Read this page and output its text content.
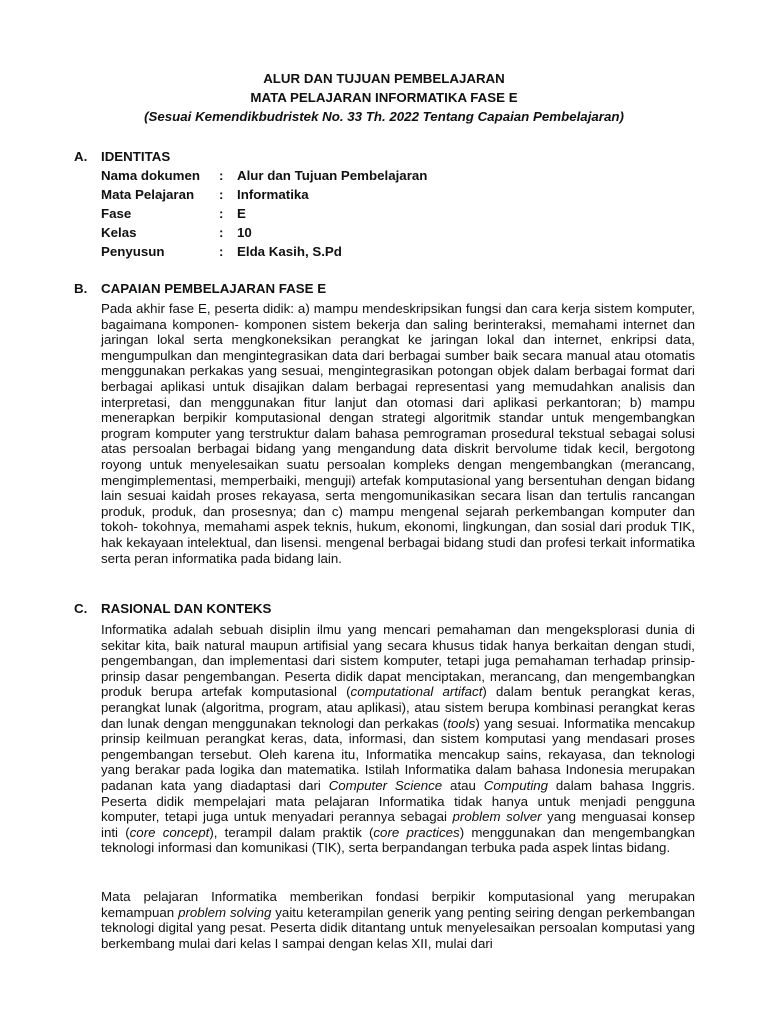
ALUR DAN TUJUAN PEMBELAJARAN
MATA PELAJARAN INFORMATIKA FASE E
(Sesuai Kemendikbudristek No. 33 Th. 2022 Tentang Capaian Pembelajaran)
A. IDENTITAS
Nama dokumen	:	Alur dan Tujuan Pembelajaran
Mata Pelajaran	:	Informatika
Fase	:	E
Kelas	:	10
Penyusun	:	Elda Kasih, S.Pd
B. CAPAIAN PEMBELAJARAN FASE E
Pada akhir fase E, peserta didik: a) mampu mendeskripsikan fungsi dan cara kerja sistem komputer, bagaimana komponen- komponen sistem bekerja dan saling berinteraksi, memahami internet dan jaringan lokal serta mengkoneksikan perangkat ke jaringan lokal dan internet, enkripsi data, mengumpulkan dan mengintegrasikan data dari berbagai sumber baik secara manual atau otomatis menggunakan perkakas yang sesuai, mengintegrasikan potongan objek dalam berbagai format dari berbagai aplikasi untuk disajikan dalam berbagai representasi yang memudahkan analisis dan interpretasi, dan menggunakan fitur lanjut dan otomasi dari aplikasi perkantoran; b) mampu menerapkan berpikir komputasional dengan strategi algoritmik standar untuk mengembangkan program komputer yang terstruktur dalam bahasa pemrograman prosedural tekstual sebagai solusi atas persoalan berbagai bidang yang mengandung data diskrit bervolume tidak kecil, bergotong royong untuk menyelesaikan suatu persoalan kompleks dengan mengembangkan (merancang, mengimplementasi, memperbaiki, menguji) artefak komputasional yang bersentuhan dengan bidang lain sesuai kaidah proses rekayasa, serta mengomunikasikan secara lisan dan tertulis rancangan produk, produk, dan prosesnya; dan c) mampu mengenal sejarah perkembangan komputer dan tokoh- tokohnya, memahami aspek teknis, hukum, ekonomi, lingkungan, dan sosial dari produk TIK, hak kekayaan intelektual, dan lisensi. mengenal berbagai bidang studi dan profesi terkait informatika serta peran informatika pada bidang lain.
C. RASIONAL DAN KONTEKS
Informatika adalah sebuah disiplin ilmu yang mencari pemahaman dan mengeksplorasi dunia di sekitar kita, baik natural maupun artifisial yang secara khusus tidak hanya berkaitan dengan studi, pengembangan, dan implementasi dari sistem komputer, tetapi juga pemahaman terhadap prinsip-prinsip dasar pengembangan. Peserta didik dapat menciptakan, merancang, dan mengembangkan produk berupa artefak komputasional (computational artifact) dalam bentuk perangkat keras, perangkat lunak (algoritma, program, atau aplikasi), atau sistem berupa kombinasi perangkat keras dan lunak dengan menggunakan teknologi dan perkakas (tools) yang sesuai. Informatika mencakup prinsip keilmuan perangkat keras, data, informasi, dan sistem komputasi yang mendasari proses pengembangan tersebut. Oleh karena itu, Informatika mencakup sains, rekayasa, dan teknologi yang berakar pada logika dan matematika. Istilah Informatika dalam bahasa Indonesia merupakan padanan kata yang diadaptasi dari Computer Science atau Computing dalam bahasa Inggris. Peserta didik mempelajari mata pelajaran Informatika tidak hanya untuk menjadi pengguna komputer, tetapi juga untuk menyadari perannya sebagai problem solver yang menguasai konsep inti (core concept), terampil dalam praktik (core practices) menggunakan dan mengembangkan teknologi informasi dan komunikasi (TIK), serta berpandangan terbuka pada aspek lintas bidang.
Mata pelajaran Informatika memberikan fondasi berpikir komputasional yang merupakan kemampuan problem solving yaitu keterampilan generik yang penting seiring dengan perkembangan teknologi digital yang pesat. Peserta didik ditantang untuk menyelesaikan persoalan komputasi yang berkembang mulai dari kelas I sampai dengan kelas XII, mulai dari
